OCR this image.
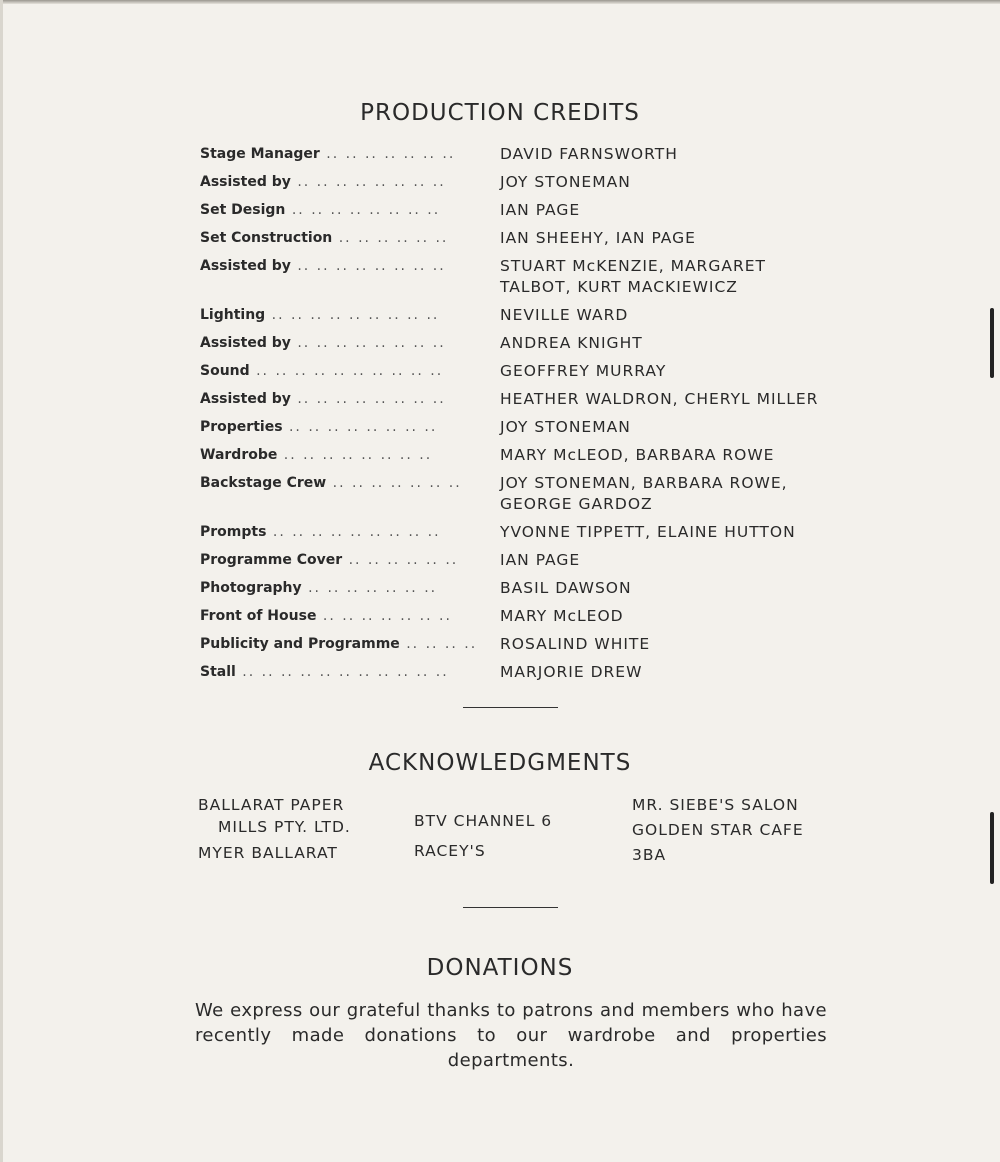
PRODUCTION CREDITS
Stage Manager .. .. .. .. .. .. ..	DAVID FARNSWORTH
Assisted by .. .. .. .. .. .. .. ..	JOY STONEMAN
Set Design .. .. .. .. .. .. .. ..	IAN PAGE
Set Construction .. .. .. .. .. ..	IAN SHEEHY, IAN PAGE
Assisted by .. .. .. .. .. .. .. ..	STUART McKENZIE, MARGARET TALBOT, KURT MACKIEWICZ
Lighting .. .. .. .. .. .. .. .. ..	NEVILLE WARD
Assisted by .. .. .. .. .. .. .. ..	ANDREA KNIGHT
Sound .. .. .. .. .. .. .. .. .. ..	GEOFFREY MURRAY
Assisted by .. .. .. .. .. .. .. ..	HEATHER WALDRON, CHERYL MILLER
Properties .. .. .. .. .. .. .. ..	JOY STONEMAN
Wardrobe .. .. .. .. .. .. .. ..	MARY McLEOD, BARBARA ROWE
Backstage Crew .. .. .. .. .. .. ..	JOY STONEMAN, BARBARA ROWE, GEORGE GARDOZ
Prompts .. .. .. .. .. .. .. .. ..	YVONNE TIPPETT, ELAINE HUTTON
Programme Cover .. .. .. .. .. ..	IAN PAGE
Photography .. .. .. .. .. .. ..	BASIL DAWSON
Front of House .. .. .. .. .. .. ..	MARY McLEOD
Publicity and Programme .. .. .. ..	ROSALIND WHITE
Stall .. .. .. .. .. .. .. .. .. .. ..	MARJORIE DREW
ACKNOWLEDGMENTS
BALLARAT PAPER
MILLS PTY. LTD.
MYER BALLARAT
BTV CHANNEL 6
RACEY'S
MR. SIEBE'S SALON
GOLDEN STAR CAFE
3BA
DONATIONS

We express our grateful thanks to patrons and members who have recently made donations to our wardrobe and properties departments.
